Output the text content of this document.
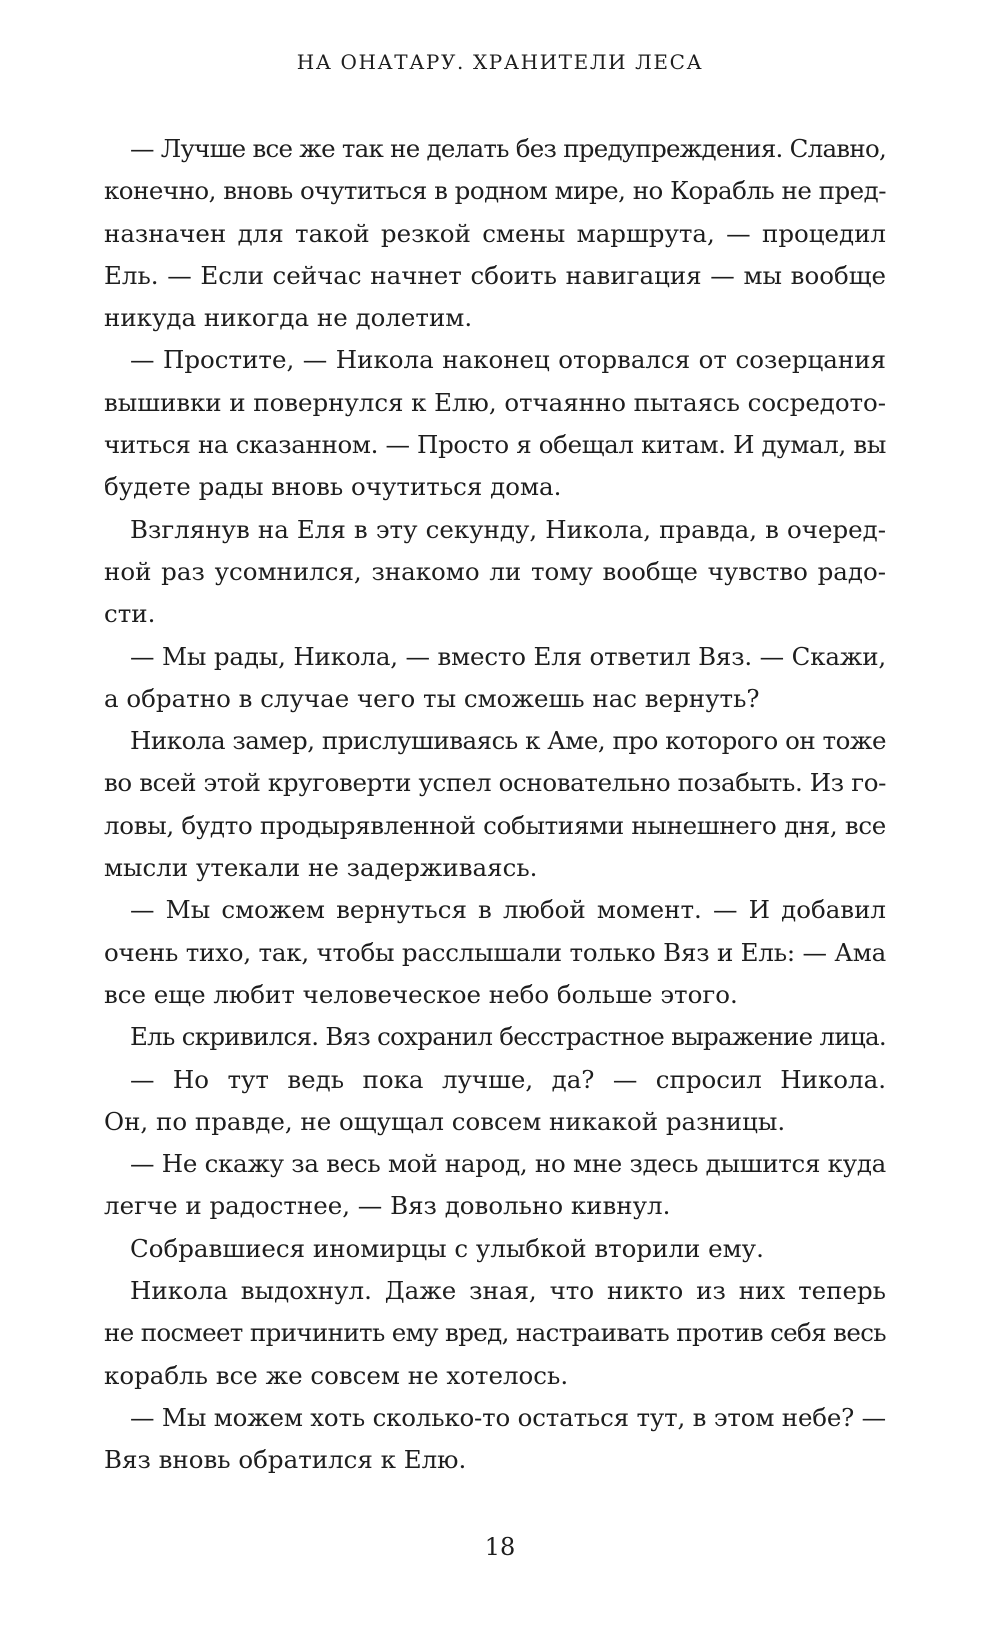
НА ОНАТАРУ. ХРАНИТЕЛИ ЛЕСА
— Лучше все же так не делать без предупреждения. Славно,
конечно, вновь очутиться в родном мире, но Корабль не пред-
назначен для такой резкой смены маршрута, — процедил
Ель. — Если сейчас начнет сбоить навигация — мы вообще
никуда никогда не долетим.
— Простите, — Никола наконец оторвался от созерцания
вышивки и повернулся к Елю, отчаянно пытаясь сосредото-
читься на сказанном. — Просто я обещал китам. И думал, вы
будете рады вновь очутиться дома.
Взглянув на Еля в эту секунду, Никола, правда, в очеред-
ной раз усомнился, знакомо ли тому вообще чувство радо-
сти.
— Мы рады, Никола, — вместо Еля ответил Вяз. — Скажи,
а обратно в случае чего ты сможешь нас вернуть?
Никола замер, прислушиваясь к Аме, про которого он тоже
во всей этой круговерти успел основательно позабыть. Из го-
ловы, будто продырявленной событиями нынешнего дня, все
мысли утекали не задерживаясь.
— Мы сможем вернуться в любой момент. — И добавил
очень тихо, так, чтобы расслышали только Вяз и Ель: — Ама
все еще любит человеческое небо больше этого.
Ель скривился. Вяз сохранил бесстрастное выражение лица.
— Но тут ведь пока лучше, да? — спросил Никола.
Он, по правде, не ощущал совсем никакой разницы.
— Не скажу за весь мой народ, но мне здесь дышится куда
легче и радостнее, — Вяз довольно кивнул.
Собравшиеся иномирцы с улыбкой вторили ему.
Никола выдохнул. Даже зная, что никто из них теперь
не посмеет причинить ему вред, настраивать против себя весь
корабль все же совсем не хотелось.
— Мы можем хоть сколько-то остаться тут, в этом небе? —
Вяз вновь обратился к Елю.
18
